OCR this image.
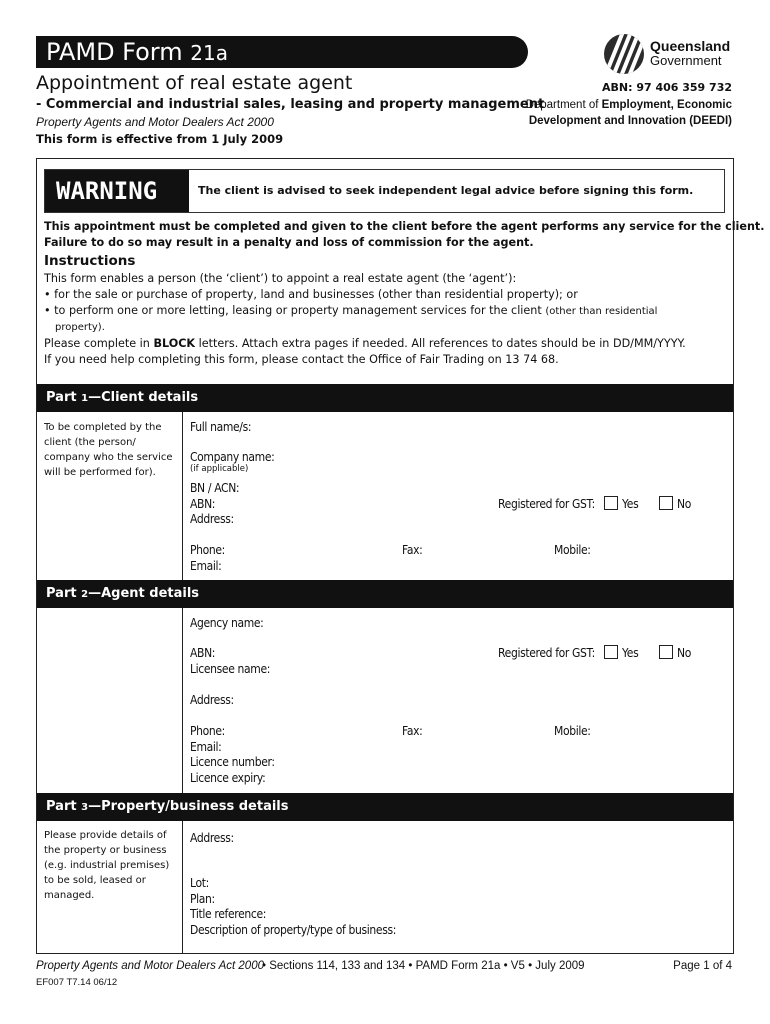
PAMD Form 21a	Queensland
Government
Appointment of real estate agent	ABN: 97 406 359 732
- Commercial and industrial sales, leasing and property management
Department of Employment, Economic
Development and Innovation (DEEDI)
Property Agents and Motor Dealers Act 2000
This form is effective from 1 July 2009
WARNING	The client is advised to seek independent legal advice before signing this form.
This appointment must be completed and given to the client before the agent performs any service for the client.
Failure to do so may result in a penalty and loss of commission for the agent.
Instructions
This form enables a person (the ‘client’) to appoint a real estate agent (the ‘agent’):
• for the sale or purchase of property, land and businesses (other than residential property); or
• to perform one or more letting, leasing or property management services for the client (other than residential
property).
Please complete in BLOCK letters. Attach extra pages if needed. All references to dates should be in DD/MM/YYYY.
If you need help completing this form, please contact the Office of Fair Trading on 13 74 68.
Part 1—Client details
To be completed by the
client (the person/
company who the service
will be performed for).
Full name/s:
Company name:
(if applicable)
BN / ACN:
ABN:	Registered for GST: Yes	No
Address:
Phone:	Fax:	Mobile:
Email:
Part 2—Agent details
Agency name:
ABN:	Registered for GST: Yes	No
Licensee name:
Address:
Phone:	Fax:	Mobile:
Email:
Licence number:
Licence expiry:
Part 3—Property/business details
Please provide details of
the property or business
(e.g. industrial premises)
to be sold, leased or
managed.
Address:
Lot:
Plan:
Title reference:
Description of property/type of business:
Property Agents and Motor Dealers Act 2000
• Sections 114, 133 and 134 • PAMD Form 21a • V5 • July 2009	Page 1 of 4
EF007 T7.14 06/12
